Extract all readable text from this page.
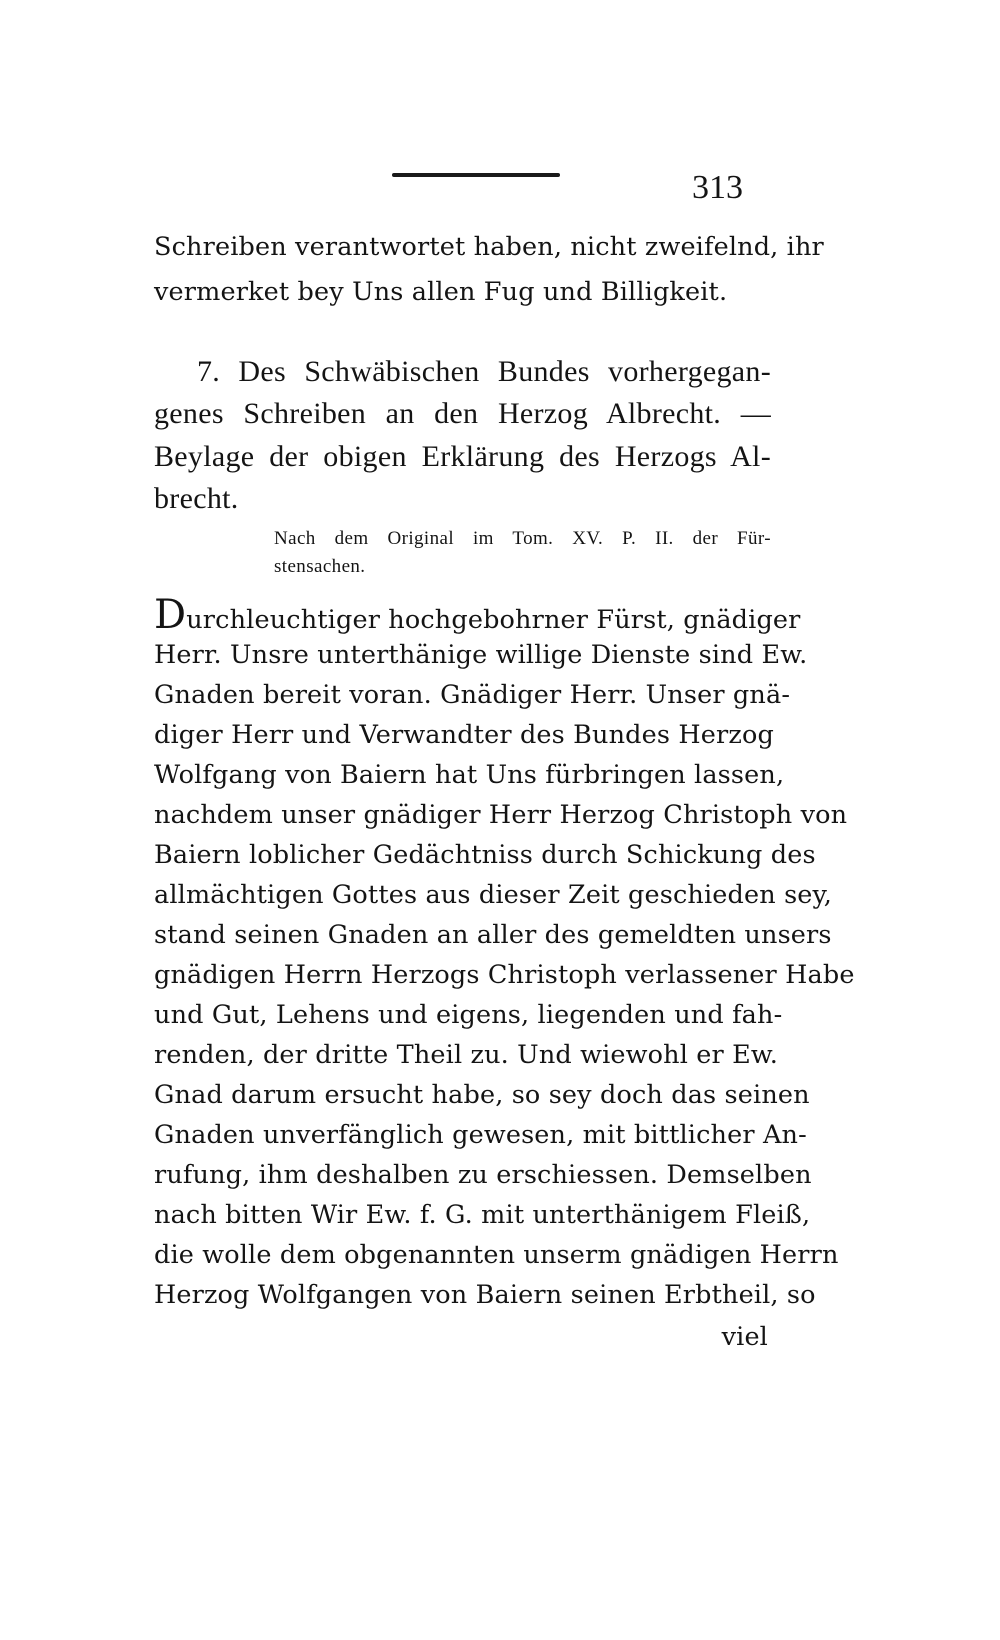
313

Schreiben verantwortet haben, nicht zweifelnd, ihr

vermerket bey Uns allen Fug und Billigkeit.

7. Des Schwäbischen Bundes vorhergegan-

genes Schreiben an den Herzog Albrecht. —

Beylage der obigen Erklärung des Herzogs Al-

brecht.

Nach dem Original im Tom. XV. P. II. der Für-

stensachen.

Durchleuchtiger hochgebohrner Fürst, gnädiger

Herr. Unsre unterthänige willige Dienste sind Ew.

Gnaden bereit voran. Gnädiger Herr. Unser gnä-

diger Herr und Verwandter des Bundes Herzog

Wolfgang von Baiern hat Uns fürbringen lassen,

nachdem unser gnädiger Herr Herzog Christoph von

Baiern loblicher Gedächtniss durch Schickung des

allmächtigen Gottes aus dieser Zeit geschieden sey,

stand seinen Gnaden an aller des gemeldten unsers

gnädigen Herrn Herzogs Christoph verlassener Habe

und Gut, Lehens und eigens, liegenden und fah-

renden, der dritte Theil zu. Und wiewohl er Ew.

Gnad darum ersucht habe, so sey doch das seinen

Gnaden unverfänglich gewesen, mit bittlicher An-

rufung, ihm deshalben zu erschiessen. Demselben

nach bitten Wir Ew. f. G. mit unterthänigem Fleiß,

die wolle dem obgenannten unserm gnädigen Herrn

Herzog Wolfgangen von Baiern seinen Erbtheil, so

viel
